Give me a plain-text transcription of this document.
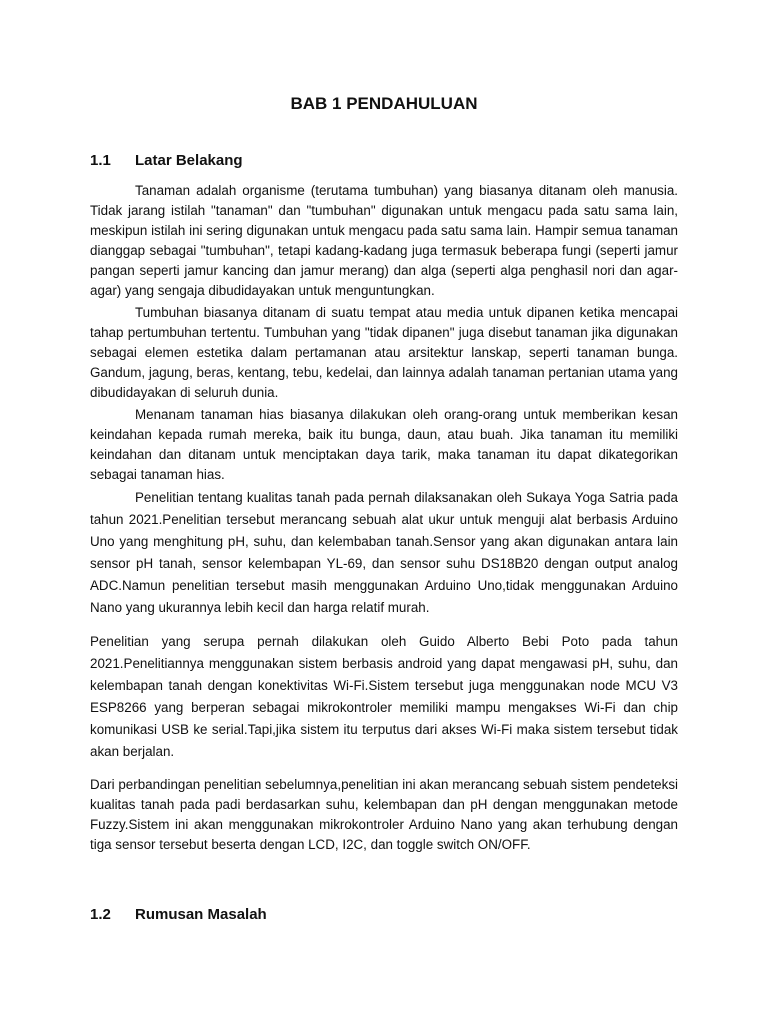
BAB 1 PENDAHULUAN
1.1 Latar Belakang

Tanaman adalah organisme (terutama tumbuhan) yang biasanya ditanam oleh manusia. Tidak jarang istilah "tanaman" dan "tumbuhan" digunakan untuk mengacu pada satu sama lain, meskipun istilah ini sering digunakan untuk mengacu pada satu sama lain. Hampir semua tanaman dianggap sebagai "tumbuhan", tetapi kadang-kadang juga termasuk beberapa fungi (seperti jamur pangan seperti jamur kancing dan jamur merang) dan alga (seperti alga penghasil nori dan agar-agar) yang sengaja dibudidayakan untuk menguntungkan.

Tumbuhan biasanya ditanam di suatu tempat atau media untuk dipanen ketika mencapai tahap pertumbuhan tertentu. Tumbuhan yang "tidak dipanen" juga disebut tanaman jika digunakan sebagai elemen estetika dalam pertamanan atau arsitektur lanskap, seperti tanaman bunga. Gandum, jagung, beras, kentang, tebu, kedelai, dan lainnya adalah tanaman pertanian utama yang dibudidayakan di seluruh dunia.

Menanam tanaman hias biasanya dilakukan oleh orang-orang untuk memberikan kesan keindahan kepada rumah mereka, baik itu bunga, daun, atau buah. Jika tanaman itu memiliki keindahan dan ditanam untuk menciptakan daya tarik, maka tanaman itu dapat dikategorikan sebagai tanaman hias.

Penelitian tentang kualitas tanah pada pernah dilaksanakan oleh Sukaya Yoga Satria pada tahun 2021.Penelitian tersebut merancang sebuah alat ukur untuk menguji alat berbasis Arduino Uno yang menghitung pH, suhu, dan kelembaban tanah.Sensor yang akan digunakan antara lain sensor pH tanah, sensor kelembapan YL-69, dan sensor suhu DS18B20 dengan output analog ADC.Namun penelitian tersebut masih menggunakan Arduino Uno,tidak menggunakan Arduino Nano yang ukurannya lebih kecil dan harga relatif murah.

Penelitian yang serupa pernah dilakukan oleh Guido Alberto Bebi Poto pada tahun 2021.Penelitiannya menggunakan sistem berbasis android yang dapat mengawasi pH, suhu, dan kelembapan tanah dengan konektivitas Wi-Fi.Sistem tersebut juga menggunakan node MCU V3 ESP8266 yang berperan sebagai mikrokontroler memiliki mampu mengakses Wi-Fi dan chip komunikasi USB ke serial.Tapi,jika sistem itu terputus dari akses Wi-Fi maka sistem tersebut tidak akan berjalan.

Dari perbandingan penelitian sebelumnya,penelitian ini akan merancang sebuah sistem pendeteksi kualitas tanah pada padi berdasarkan suhu, kelembapan dan pH dengan menggunakan metode Fuzzy.Sistem ini akan menggunakan mikrokontroler Arduino Nano yang akan terhubung dengan tiga sensor tersebut beserta dengan LCD, I2C, dan toggle switch ON/OFF.

1.2 Rumusan Masalah
